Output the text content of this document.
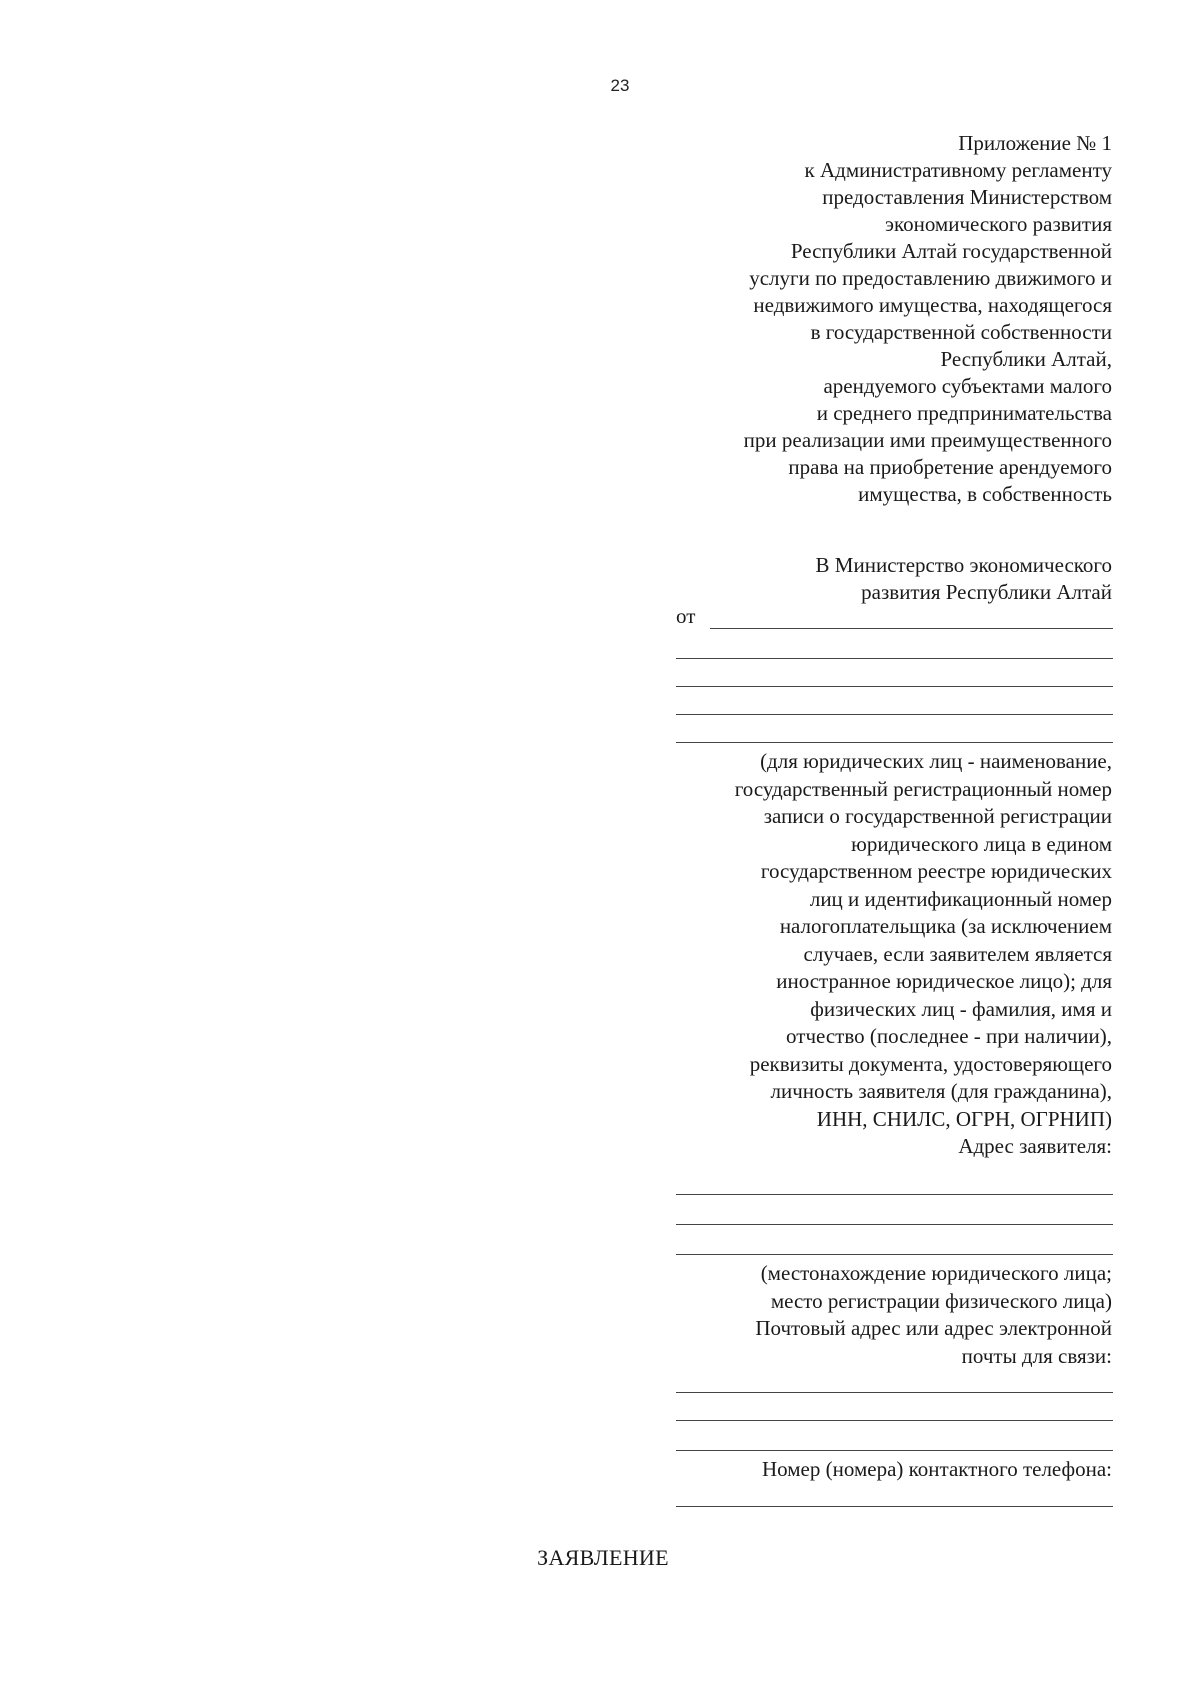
23
Приложение № 1
к Административному регламенту
предоставления Министерством
экономического развития
Республики Алтай государственной
услуги по предоставлению движимого и
недвижимого имущества, находящегося
в государственной собственности
Республики Алтай,
арендуемого субъектами малого
и среднего предпринимательства
при реализации ими преимущественного
права на приобретение арендуемого
имущества, в собственность
В Министерство экономического
развития Республики Алтай
от
(для юридических лиц - наименование,
государственный регистрационный номер
записи о государственной регистрации
юридического лица в едином
государственном реестре юридических
лиц и идентификационный номер
налогоплательщика (за исключением
случаев, если заявителем является
иностранное юридическое лицо); для
физических лиц - фамилия, имя и
отчество (последнее - при наличии),
реквизиты документа, удостоверяющего
личность заявителя (для гражданина),
ИНН, СНИЛС, ОГРН, ОГРНИП)
Адрес заявителя:
(местонахождение юридического лица;
место регистрации физического лица)
Почтовый адрес или адрес электронной
почты для связи:
Номер (номера) контактного телефона:
ЗАЯВЛЕНИЕ
